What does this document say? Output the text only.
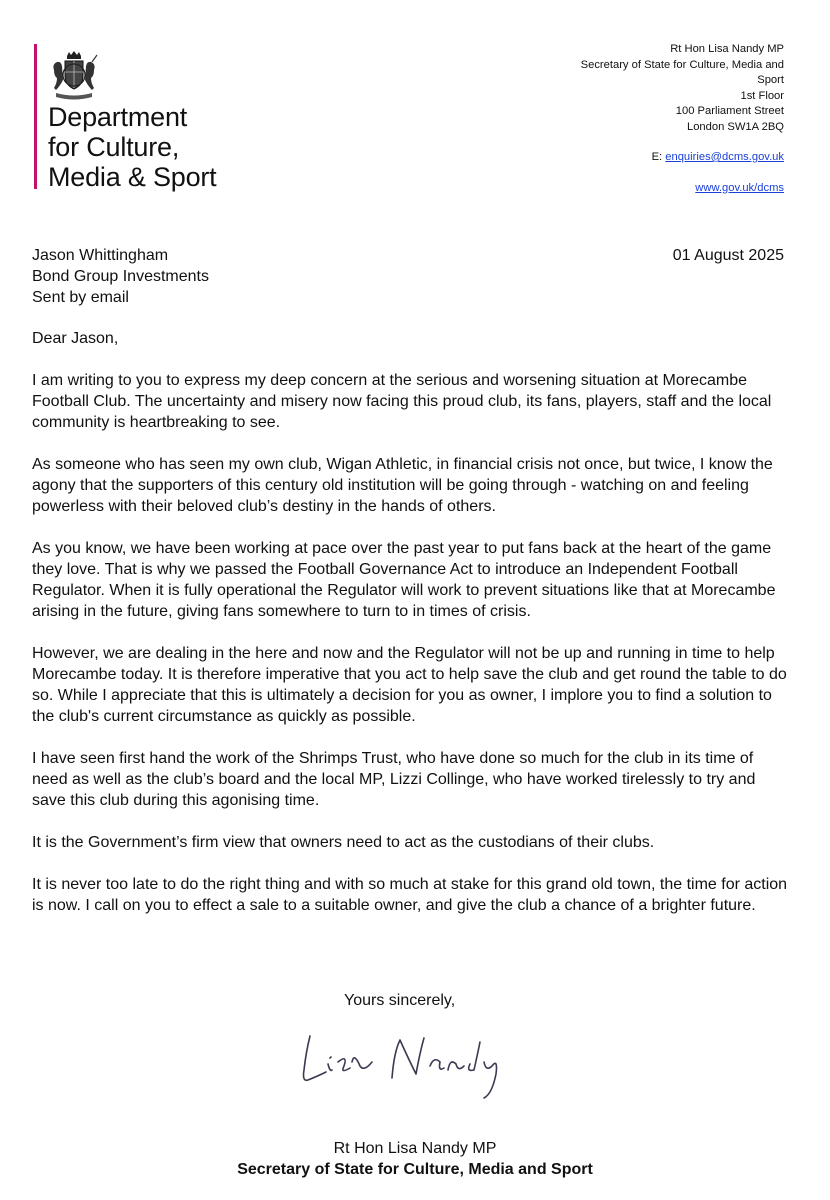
Department
for Culture,
Media & Sport
Rt Hon Lisa Nandy MP
Secretary of State for Culture, Media and
Sport
1st Floor
100 Parliament Street
London SW1A 2BQ
E: enquiries@dcms.gov.uk
www.gov.uk/dcms
Jason Whittingham
Bond Group Investments
Sent by email
01 August 2025

Dear Jason,

I am writing to you to express my deep concern at the serious and worsening situation at Morecambe Football Club. The uncertainty and misery now facing this proud club, its fans, players, staff and the local community is heartbreaking to see.

As someone who has seen my own club, Wigan Athletic, in financial crisis not once, but twice, I know the agony that the supporters of this century old institution will be going through - watching on and feeling powerless with their beloved club’s destiny in the hands of others.

As you know, we have been working at pace over the past year to put fans back at the heart of the game they love. That is why we passed the Football Governance Act to introduce an Independent Football Regulator. When it is fully operational the Regulator will work to prevent situations like that at Morecambe arising in the future, giving fans somewhere to turn to in times of crisis.

However, we are dealing in the here and now and the Regulator will not be up and running in time to help Morecambe today. It is therefore imperative that you act to help save the club and get round the table to do so. While I appreciate that this is ultimately a decision for you as owner, I implore you to find a solution to the club's current circumstance as quickly as possible.

I have seen first hand the work of the Shrimps Trust, who have done so much for the club in its time of need as well as the club’s board and the local MP, Lizzi Collinge, who have worked tirelessly to try and save this club during this agonising time.

It is the Government’s firm view that owners need to act as the custodians of their clubs.

It is never too late to do the right thing and with so much at stake for this grand old town, the time for action is now. I call on you to effect a sale to a suitable owner, and give the club a chance of a brighter future.

Yours sincerely,
Rt Hon Lisa Nandy MP
Secretary of State for Culture, Media and Sport
